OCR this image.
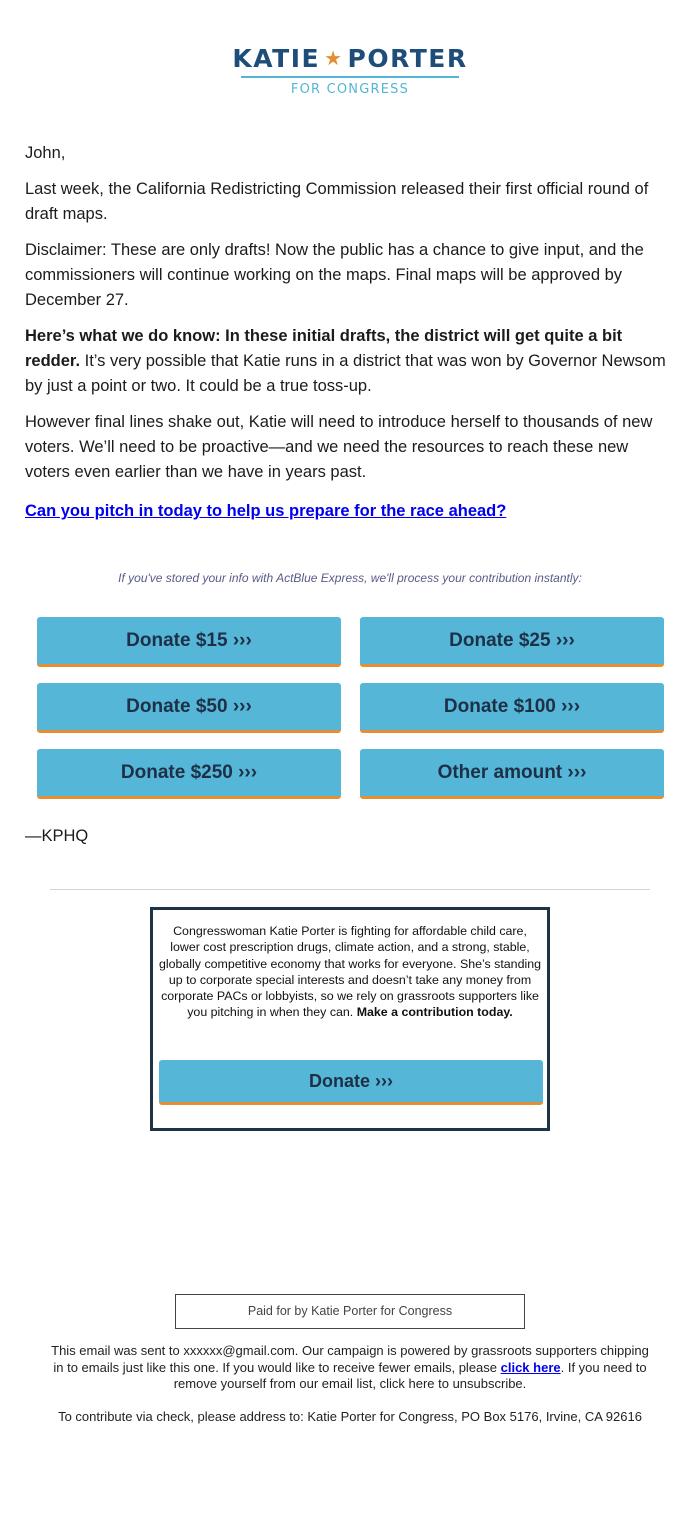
KATIE ★ PORTER
FOR CONGRESS

John,

Last week, the California Redistricting Commission released their first official round of draft maps.

Disclaimer: These are only drafts! Now the public has a chance to give input, and the commissioners will continue working on the maps. Final maps will be approved by December 27.

Here’s what we do know: In these initial drafts, the district will get quite a bit redder. It’s very possible that Katie runs in a district that was won by Governor Newsom by just a point or two. It could be a true toss-up.

However final lines shake out, Katie will need to introduce herself to thousands of new voters. We’ll need to be proactive—and we need the resources to reach these new voters even earlier than we have in years past.

Can you pitch in today to help us prepare for the race ahead?
If you've stored your info with ActBlue Express, we'll process your contribution instantly:
Donate $15 ›››	Donate $25 ›››
Donate $50 ›››	Donate $100 ›››
Donate $250 ›››	Other amount ›››
—KPHQ
Congresswoman Katie Porter is fighting for affordable child care, lower cost prescription drugs, climate action, and a strong, stable, globally competitive economy that works for everyone. She’s standing up to corporate special interests and doesn’t take any money from corporate PACs or lobbyists, so we rely on grassroots supporters like you pitching in when they can. Make a contribution today.
Donate ›››
Paid for by Katie Porter for Congress

This email was sent to xxxxxx@gmail.com. Our campaign is powered by grassroots supporters chipping in to emails just like this one. If you would like to receive fewer emails, please click here. If you need to remove yourself from our email list, click here to unsubscribe.

To contribute via check, please address to: Katie Porter for Congress, PO Box 5176, Irvine, CA 92616
